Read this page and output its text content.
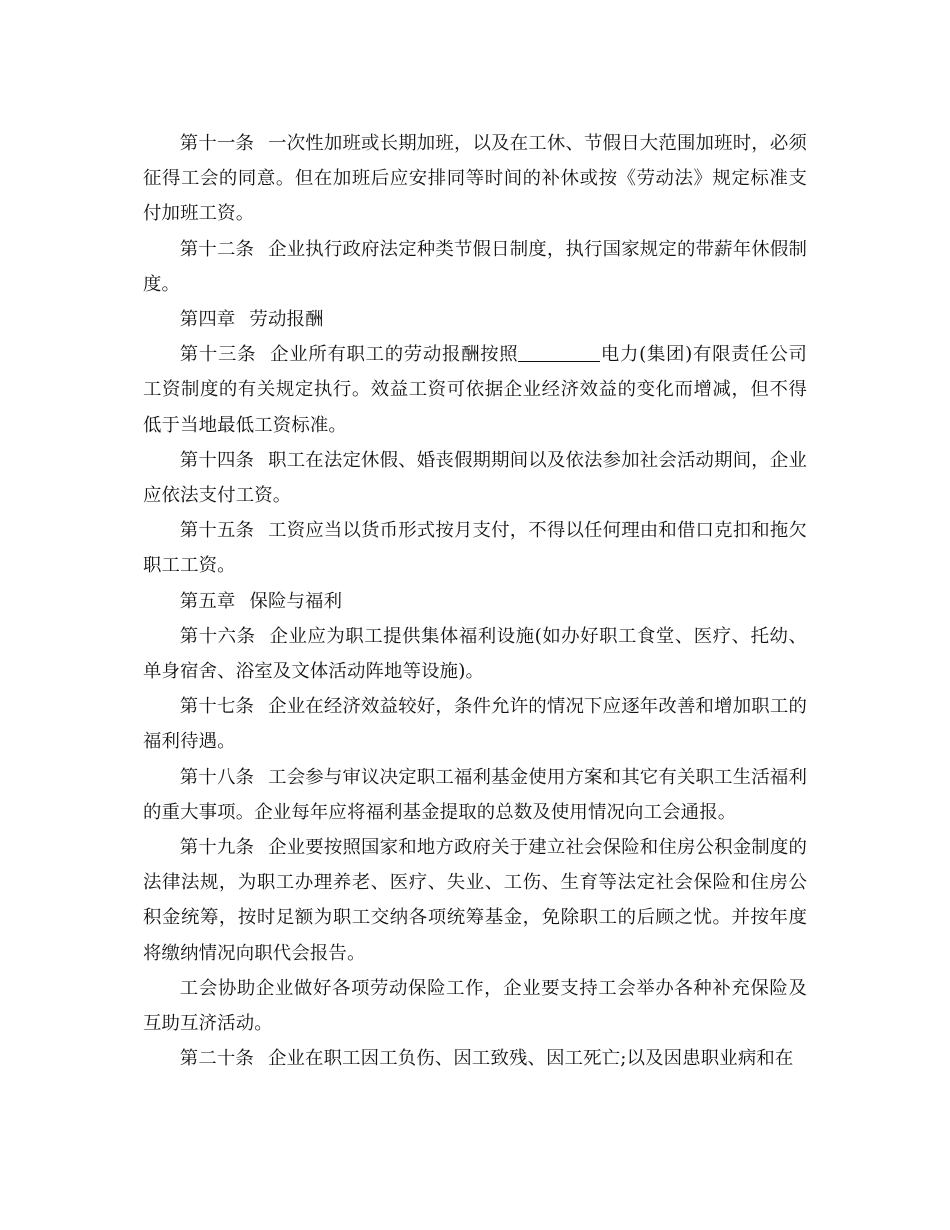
第十一条 一次性加班或长期加班，以及在工休、节假日大范围加班时，必须征得工会的同意。但在加班后应安排同等时间的补休或按《劳动法》规定标准支付加班工资。

第十二条 企业执行政府法定种类节假日制度，执行国家规定的带薪年休假制度。

第四章 劳动报酬

第十三条 企业所有职工的劳动报酬按照	电力(集团)有限责任公司工资制度的有关规定执行。效益工资可依据企业经济效益的变化而增减，但不得低于当地最低工资标准。

第十四条 职工在法定休假、婚丧假期期间以及依法参加社会活动期间，企业应依法支付工资。

第十五条 工资应当以货币形式按月支付，不得以任何理由和借口克扣和拖欠职工工资。

第五章 保险与福利

第十六条 企业应为职工提供集体福利设施(如办好职工食堂、医疗、托幼、单身宿舍、浴室及文体活动阵地等设施)。

第十七条 企业在经济效益较好，条件允许的情况下应逐年改善和增加职工的福利待遇。

第十八条 工会参与审议决定职工福利基金使用方案和其它有关职工生活福利的重大事项。企业每年应将福利基金提取的总数及使用情况向工会通报。

第十九条 企业要按照国家和地方政府关于建立社会保险和住房公积金制度的法律法规，为职工办理养老、医疗、失业、工伤、生育等法定社会保险和住房公积金统筹，按时足额为职工交纳各项统筹基金，免除职工的后顾之忧。并按年度将缴纳情况向职代会报告。

工会协助企业做好各项劳动保险工作，企业要支持工会举办各种补充保险及互助互济活动。

第二十条 企业在职工因工负伤、因工致残、因工死亡;以及因患职业病和在
